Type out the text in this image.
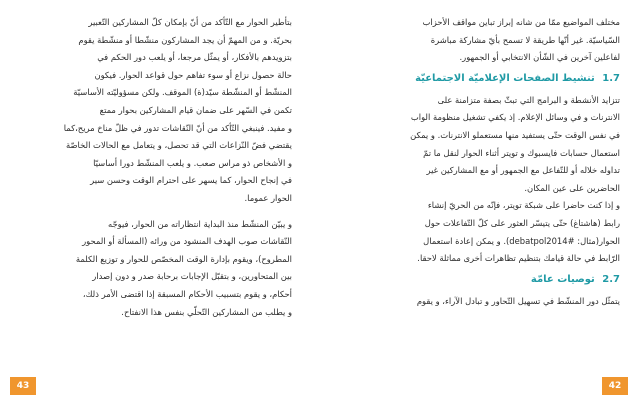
مختلف المواضيع ممّا من شانه إبراز تباين مواقف الأحزاب
السّياسيّة. غير أنّها طريقة لا تسمح بأيّ مشاركة مباشرة
لفاعلين آخرين في الشّأن الانتخابي أو الجمهور.

1.7 تنشيط الصفحات الإعلاميّة الاجتماعيّة

تتزايد الأنشطة و البرامج التي تبثّ بصفة متزامنة على
الانترنات و في وسائل الإعلام. إذ يكفي تشغيل منظومة الواب
في نفس الوقت حتّى يستفيد منها مستعملو الانترنات. و يمكن
استعمال حسابات فايسبوك و تويتر أثناء الحوار لنقل ما تمّ
تداوله خلاله أو للتّفاعل مع الجمهور أو مع المشاركين غير
الحاضرين على عين المكان.

و إذا كنت حاضرا على شبكة تويتر، فإنّه من الحريّ إنشاء
رابط (هاشتاغ) حتّى يتيسّر العثور على كلّ التّفاعلات حول
الحوار(مثال: debatpol2014#). و يمكن إعادة استعمال
الرّابط في حالة قيامك بتنظيم تظاهرات أخرى مماثلة لاحقا.

2.7 توصيات عامّة

يتمثّل دور المنشّط في تسهيل التّحاور و تبادل الآراء، و يقوم

بتأطير الحوار مع التّأكد من أنّ بإمكان كلّ المشاركين التّعبير
بحريّة. و من المهمّ أن يجد المشاركون منشّطا أو منشّطة يقوم
بتزويدهم بالأفكار، أو يمثّل مرجعا، أو يلعب دور الحكم في
حالة حصول نزاع أو سوء تفاهم حول قواعد الحوار. فيكون
المنشّط أو المنشّطة سيّد(ة) الموقف. ولكن مسؤوليّته الأساسيّة
تكمن في السّهر على ضمان قيام المشاركين بحوار ممتع
و مفيد. فينبغي التّأكد من أنّ النّقاشات تدور في ظلّ مناخ مريح،كما
يقتضي فضّ النّزاعات التي قد تحصل، و يتعامل مع الحالات الخاصّة
و الأشخاص ذو مراس صعب. و يلعب المنشّط دورا أساسيّا
في إنجاح الحوار، كما يسهر على احترام الوقت وحسن سير
الحوار عموما.

و يبيّن المنشّط منذ البداية انتظاراته من الحوار، فيوجّه
النّقاشات صوب الهدف المنشود من ورائه (المسألة أو المحور
المطروح)، ويقوم بإدارة الوقت المخصّص للحوار و توزيع الكلمة
بين المتحاورين، و بتقبّل الإجابات برحابة صدر و دون إصدار
أحكام، و يقوم بتسبيب الأحكام المسبقة إذا اقتضى الأمر ذلك،
و يطلب من المشاركين التّحلّي بنفس هذا الانفتاح.

43	42
